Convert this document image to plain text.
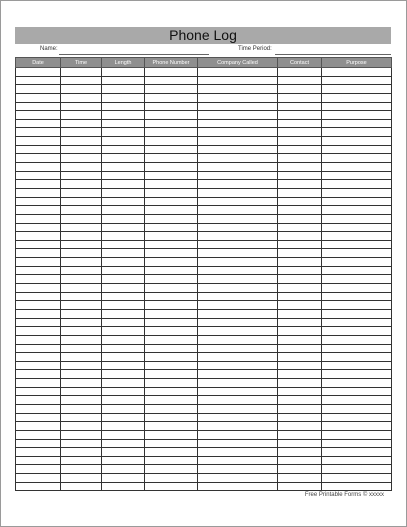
Phone Log
Name:	Time Period:
Date	Time	Length	Phone Number	Company Called	Contact	Purpose

Free Printable Forms © xxxxx
